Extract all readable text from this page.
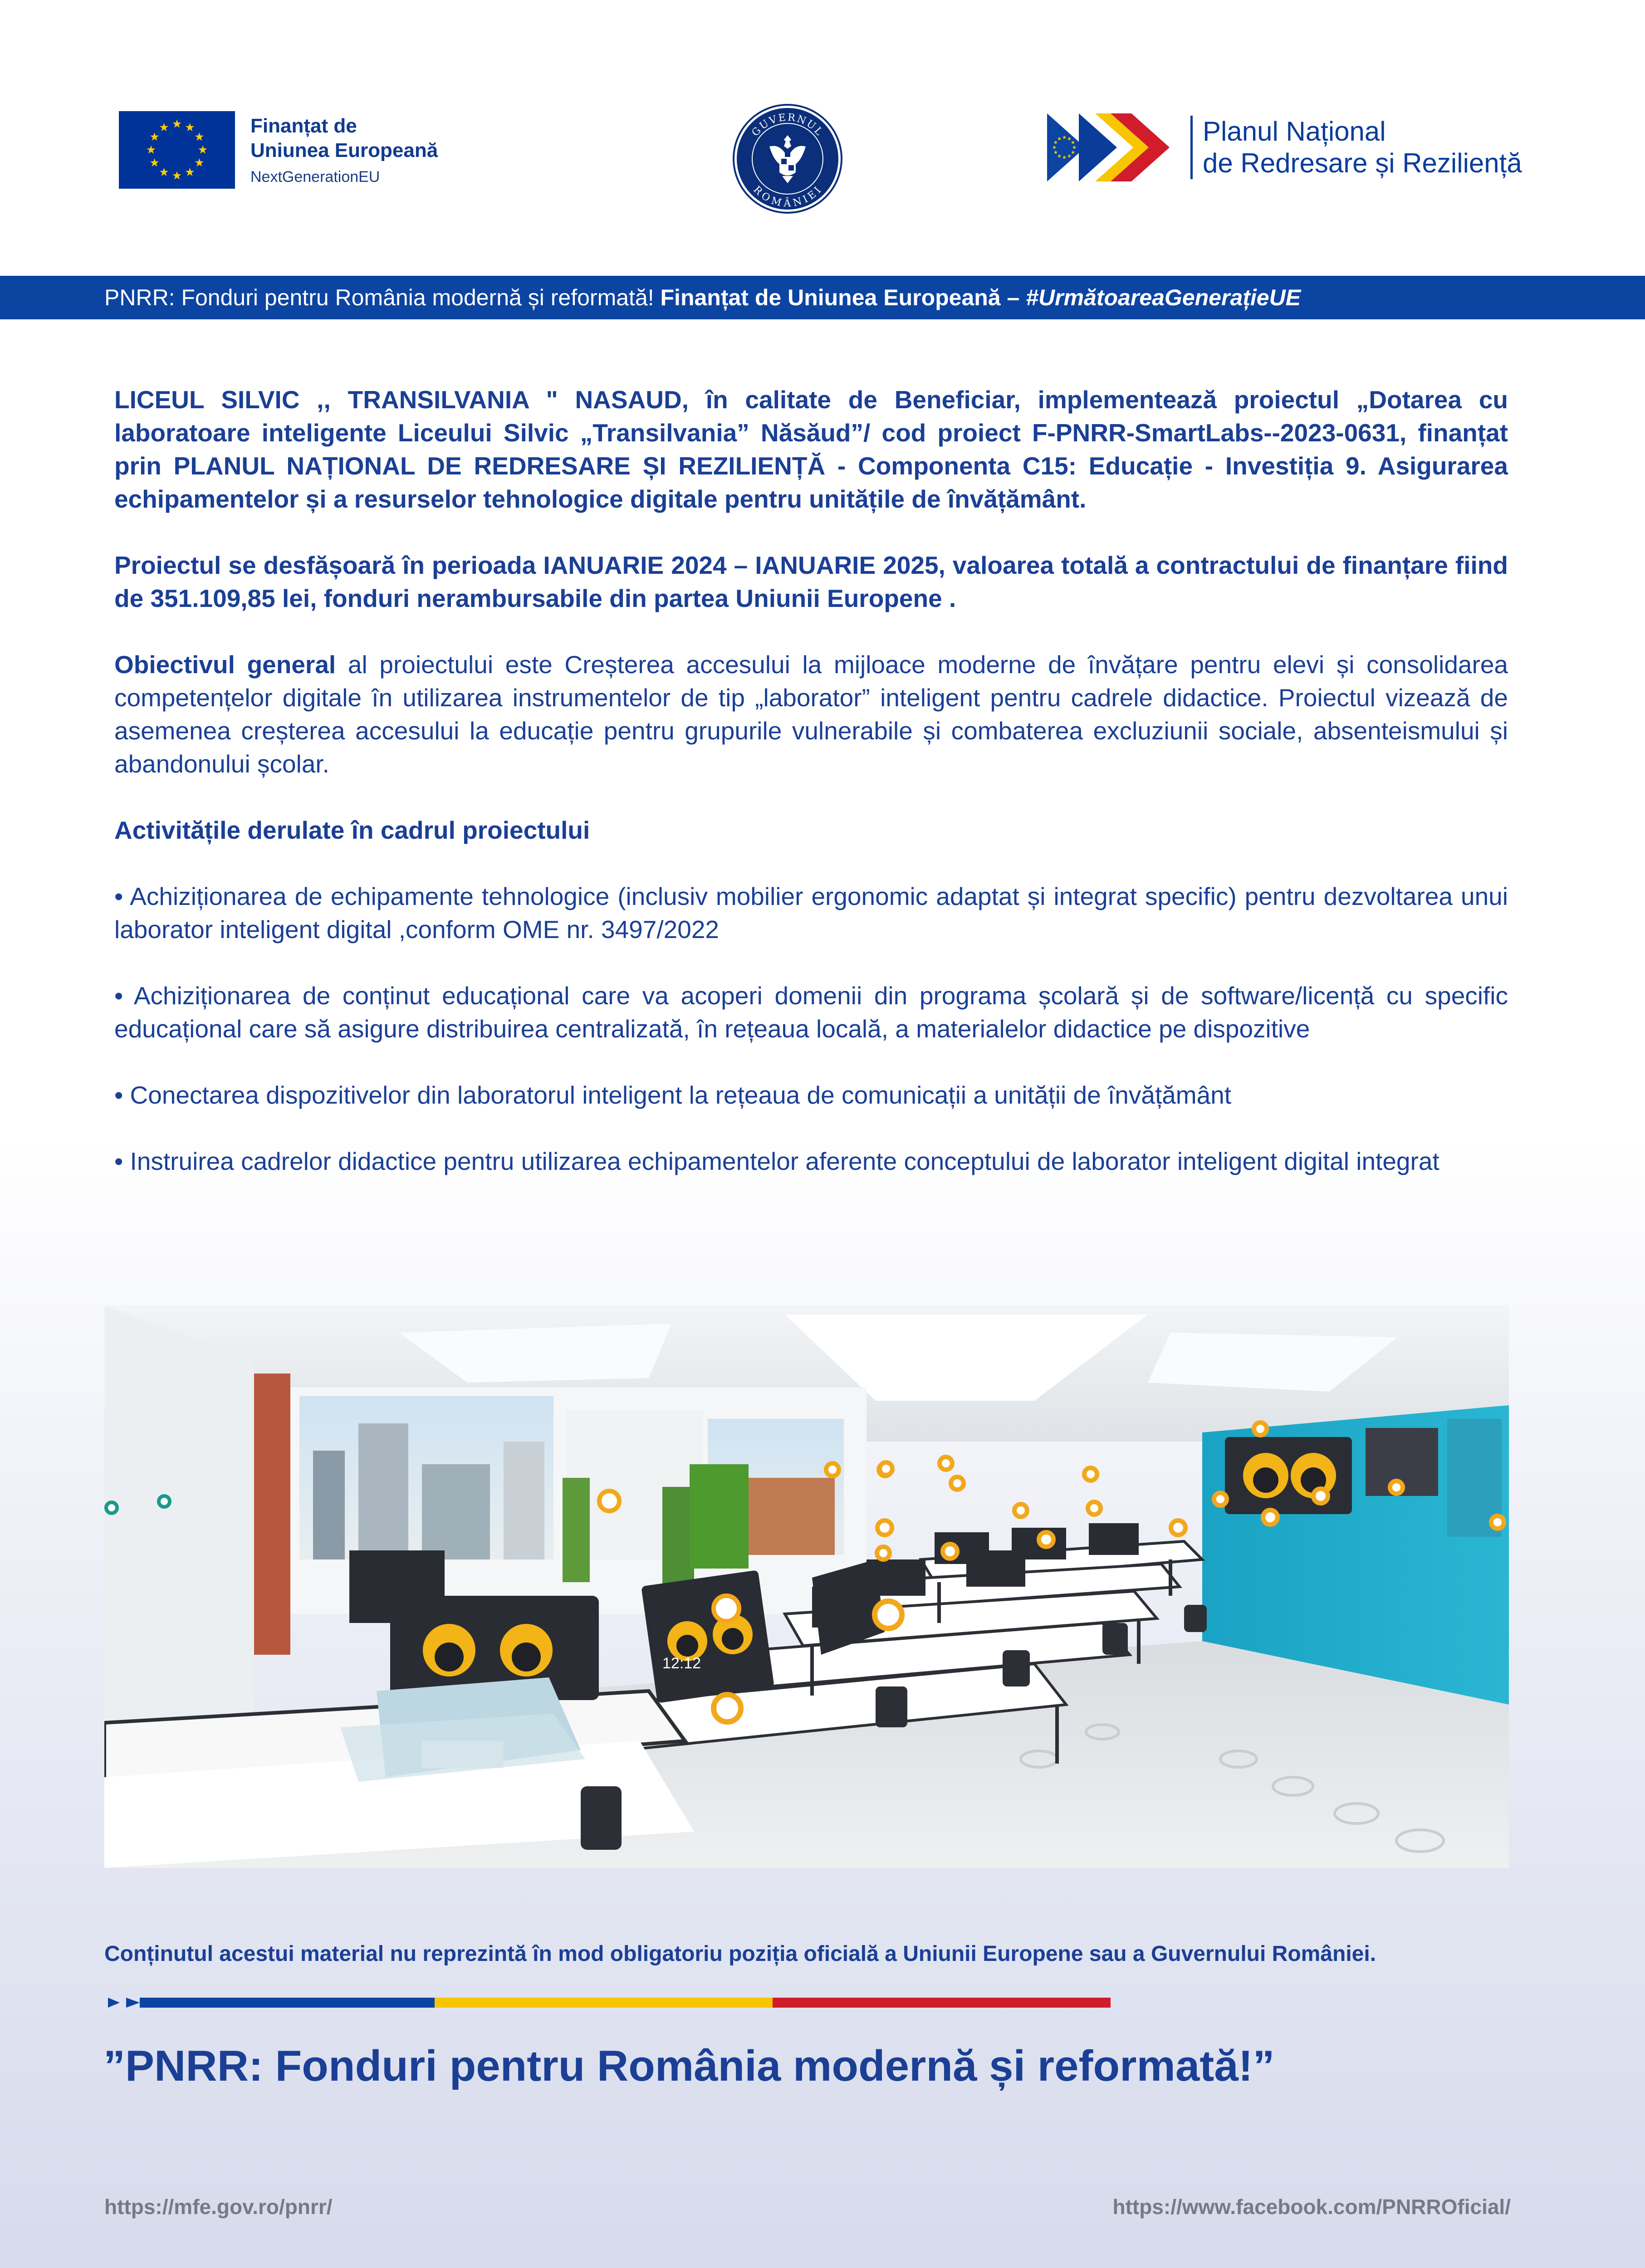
Finanțat de
Uniunea Europeană
NextGenerationEU
GUVERNUL
ROMÂNIEI
Planul Național
de Redresare și Reziliență
PNRR: Fonduri pentru România modernă și reformată! Finanțat de Uniunea Europeană – #UrmătoareaGenerațieUE

LICEUL SILVIC ,, TRANSILVANIA " NASAUD, în calitate de Beneficiar, implementează proiectul „Dotarea cu laboratoare inteligente Liceului Silvic „Transilvania” Năsăud”/ cod proiect F-PNRR-SmartLabs--2023-0631, finanțat prin PLANUL NAȚIONAL DE REDRESARE ȘI REZILIENȚĂ - Componenta C15: Educație - Investiția 9. Asigurarea echipamentelor și a resurselor tehnologice digitale pentru unitățile de învățământ.

Proiectul se desfășoară în perioada IANUARIE 2024 – IANUARIE 2025, valoarea totală a contractului de finanțare fiind de 351.109,85 lei, fonduri nerambursabile din partea Uniunii Europene .

Obiectivul general al proiectului este Creșterea accesului la mijloace moderne de învățare pentru elevi și consolidarea competențelor digitale în utilizarea instrumentelor de tip „laborator” inteligent pentru cadrele didactice. Proiectul vizează de asemenea creșterea accesului la educație pentru grupurile vulnerabile și combaterea excluziunii sociale, absenteismului și abandonului școlar.

Activitățile derulate în cadrul proiectului

• Achiziționarea de echipamente tehnologice (inclusiv mobilier ergonomic adaptat și integrat specific) pentru dezvoltarea unui laborator inteligent digital ,conform OME nr. 3497/2022

• Achiziționarea de conținut educațional care va acoperi domenii din programa școlară și de software/licență cu specific educațional care să asigure distribuirea centralizată, în rețeaua locală, a materialelor didactice pe dispozitive

• Conectarea dispozitivelor din laboratorul inteligent la rețeaua de comunicații a unității de învățământ

• Instruirea cadrelor didactice pentru utilizarea echipamentelor aferente conceptului de laborator inteligent digital integrat

12:12
Conținutul acestui material nu reprezintă în mod obligatoriu poziția oficială a Uniunii Europene sau a Guvernului României.
”PNRR: Fonduri pentru România modernă și reformată!”
https://mfe.gov.ro/pnrr/	https://www.facebook.com/PNRROficial/
